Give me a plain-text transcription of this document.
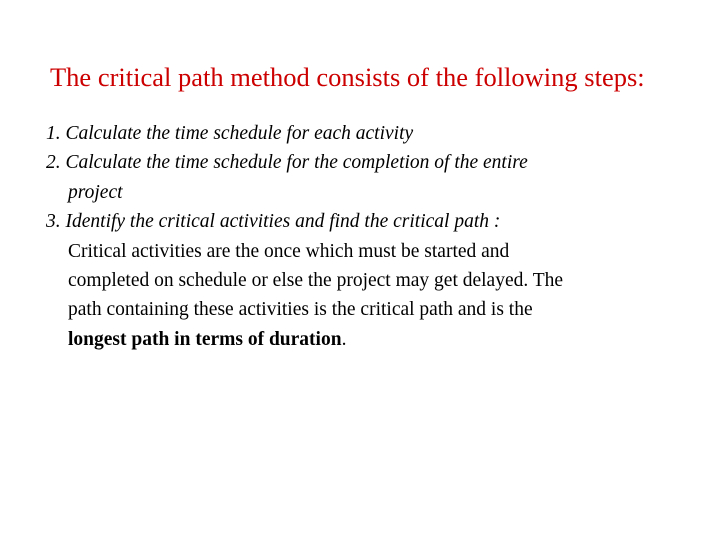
The critical path method consists of the following steps:
1. Calculate the time schedule for each activity
2. Calculate the time schedule for the completion of the entire
project
3. Identify the critical activities and find the critical path :
Critical activities are the once which must be started and
completed on schedule or else the project may get delayed. The
path containing these activities is the critical path and is the
longest path in terms of duration.
